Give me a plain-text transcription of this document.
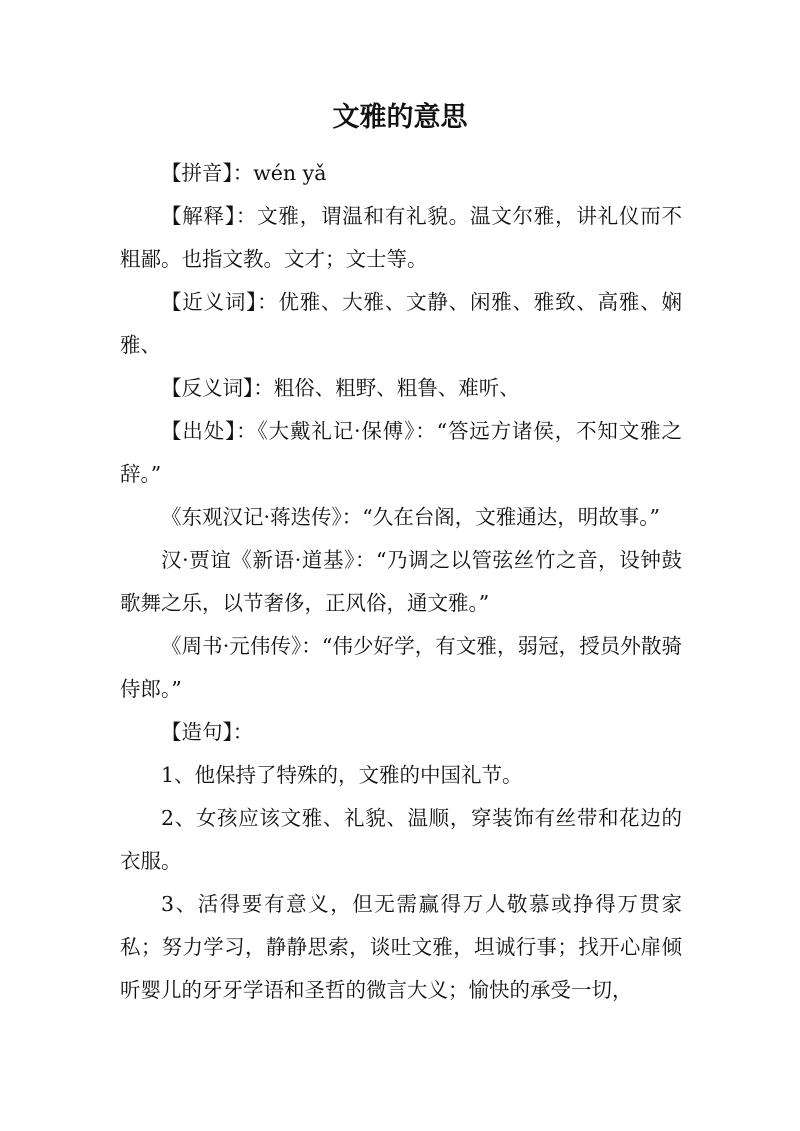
文雅的意思

【拼音】：wén yǎ

【解释】：文雅，谓温和有礼貌。温文尔雅，讲礼仪而不粗鄙。也指文教。文才；文士等。

【近义词】：优雅、大雅、文静、闲雅、雅致、高雅、娴雅、

【反义词】：粗俗、粗野、粗鲁、难听、

【出处】：《大戴礼记·保傅》：“答远方诸侯，不知文雅之辞。”

《东观汉记·蒋迭传》：“久在台阁，文雅通达，明故事。”

汉·贾谊《新语·道基》：“乃调之以管弦丝竹之音，设钟鼓歌舞之乐，以节奢侈，正风俗，通文雅。”

《周书·元伟传》：“伟少好学，有文雅，弱冠，授员外散骑侍郎。”

【造句】：

1、他保持了特殊的，文雅的中国礼节。

2、女孩应该文雅、礼貌、温顺，穿装饰有丝带和花边的衣服。

3、活得要有意义，但无需赢得万人敬慕或挣得万贯家私；努力学习，静静思索，谈吐文雅，坦诚行事；找开心扉倾听婴儿的牙牙学语和圣哲的微言大义；愉快的承受一切，
